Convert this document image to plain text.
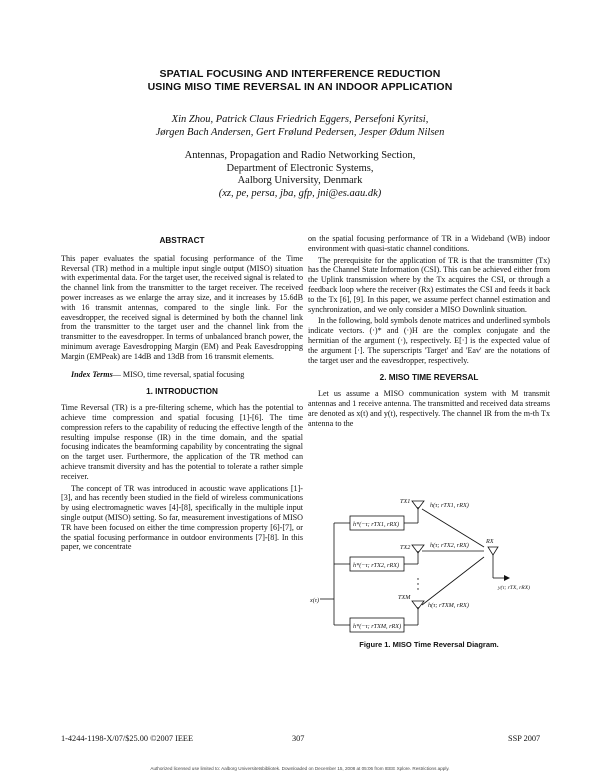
SPATIAL FOCUSING AND INTERFERENCE REDUCTION
USING MISO TIME REVERSAL IN AN INDOOR APPLICATION
Xin Zhou, Patrick Claus Friedrich Eggers, Persefoni Kyritsi,
Jørgen Bach Andersen, Gert Frølund Pedersen, Jesper Ødum Nilsen
Antennas, Propagation and Radio Networking Section,
Department of Electronic Systems,
Aalborg University, Denmark
(xz, pe, persa, jba, gfp, jni@es.aau.dk)

ABSTRACT

This paper evaluates the spatial focusing performance of the Time Reversal (TR) method in a multiple input single output (MISO) situation with experimental data. For the target user, the received signal is related to the channel link from the transmitter to the target receiver. The received power increases as we enlarge the array size, and it increases by 15.6dB with 16 transmit antennas, compared to the single link. For the eavesdropper, the received signal is determined by both the channel link from the transmitter to the target user and the channel link from the transmitter to the eavesdropper. In terms of unbalanced branch power, the minimum average Eavesdropping Margin (EM) and Peak Eavesdropping Margin (EMPeak) are 14dB and 13dB from 16 transmit elements.

Index Terms— MISO, time reversal, spatial focusing

1. INTRODUCTION

Time Reversal (TR) is a pre-filtering scheme, which has the potential to achieve time compression and spatial focusing [1]-[6]. The time compression refers to the capability of reducing the effective length of the resulting impulse response (IR) in the time domain, and the spatial focusing indicates the beamforming capability by concentrating the signal on the target user. Furthermore, the application of the TR method can achieve transmit diversity and has the potential to tolerate a rather simple receiver.

The concept of TR was introduced in acoustic wave applications [1]-[3], and has recently been studied in the field of wireless communications by using electromagnetic waves [4]-[8], specifically in the multiple input single output (MISO) setting. So far, measurement investigations of MISO TR have been focused on either the time compression property [6]-[7], or the spatial focusing performance in outdoor environments [7]-[8]. In this paper, we concentrate

on the spatial focusing performance of TR in a Wideband (WB) indoor environment with quasi-static channel conditions.

The prerequisite for the application of TR is that the transmitter (Tx) has the Channel State Information (CSI). This can be achieved either from the Uplink transmission where by the Tx acquires the CSI, or through a feedback loop where the receiver (Rx) estimates the CSI and feeds it back to the Tx [6], [9]. In this paper, we assume perfect channel estimation and synchronization, and we only consider a MISO Downlink situation.

In the following, bold symbols denote matrices and underlined symbols indicate vectors. (·)* and (·)H are the complex conjugate and the hermitian of the argument (·), respectively. E[·] is the expected value of the argument [·]. The superscripts 'Target' and 'Eav' are the notations of the target user and the eavesdropper, respectively.

2. MISO TIME REVERSAL

Let us assume a MISO communication system with M transmit antennas and 1 receive antenna. The transmitted and received data streams are denoted as x(t) and y(t), respectively. The channel IR from the m-th Tx antenna to the

x(τ)
h*(−τ; rTX1, rRX)
h*(−τ; rTX2, rRX)
h*(−τ; rTXM, rRX)
TX1
TX2
TXM
h(τ; rTX1, rRX)
h(τ; rTX2, rRX)
h(τ; rTXM, rRX)
RX
y(τ; rTX, rRX)
Figure 1. MISO Time Reversal Diagram.
1-4244-1198-X/07/$25.00 ©2007 IEEE	307	SSP 2007
Authorized licensed use limited to: Aalborg Universitetsbibliotek. Downloaded on December 15, 2008 at 05:06 from IEEE Xplore. Restrictions apply.
